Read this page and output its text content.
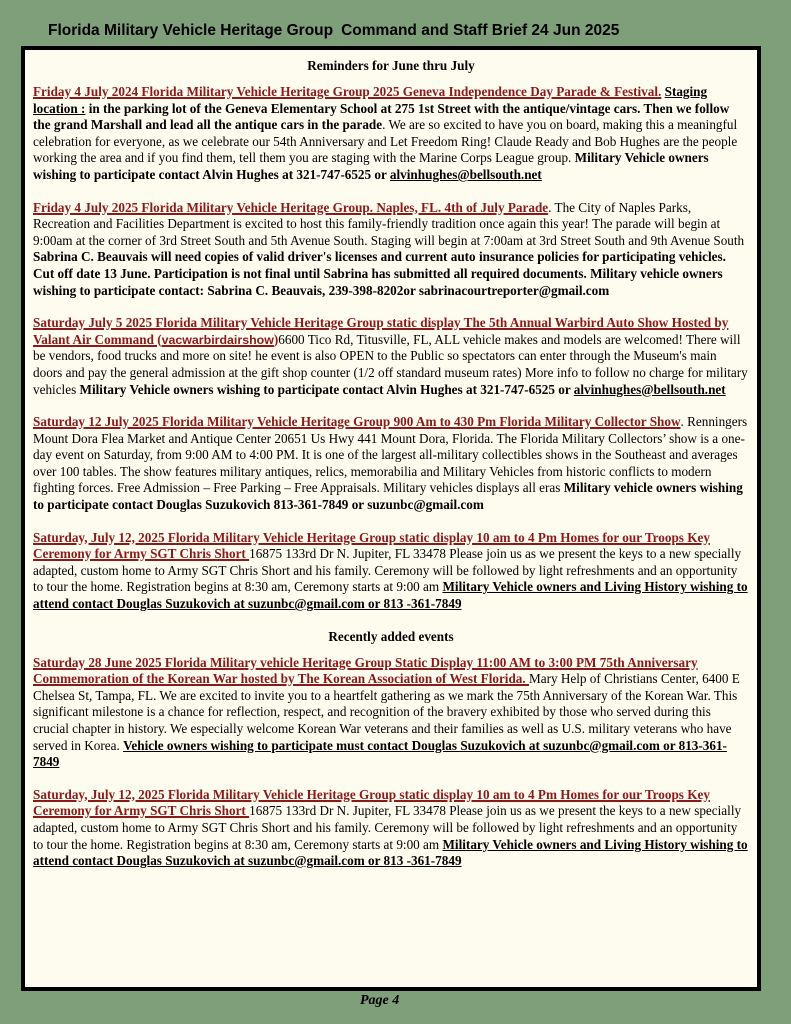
Florida Military Vehicle Heritage Group Command and Staff Brief 24 Jun 2025
Reminders for June thru July

Friday 4 July 2024 Florida Military Vehicle Heritage Group 2025 Geneva Independence Day Parade & Festival. Staging location : in the parking lot of the Geneva Elementary School at 275 1st Street with the antique/vintage cars. Then we follow the grand Marshall and lead all the antique cars in the parade. We are so excited to have you on board, making this a meaningful celebration for everyone, as we celebrate our 54th Anniversary and Let Freedom Ring! Claude Ready and Bob Hughes are the people working the area and if you find them, tell them you are staging with the Marine Corps League group. Military Vehicle owners wishing to participate contact Alvin Hughes at 321-747-6525 or alvinhughes@bellsouth.net

Friday 4 July 2025 Florida Military Vehicle Heritage Group. Naples, FL. 4th of July Parade. The City of Naples Parks, Recreation and Facilities Department is excited to host this family-friendly tradition once again this year! The parade will begin at 9:00am at the corner of 3rd Street South and 5th Avenue South. Staging will begin at 7:00am at 3rd Street South and 9th Avenue South Sabrina C. Beauvais will need copies of valid driver's licenses and current auto insurance policies for participating vehicles. Cut off date 13 June. Participation is not final until Sabrina has submitted all required documents. Military vehicle owners wishing to participate contact: Sabrina C. Beauvais, 239-398-8202or sabrinacourtreporter@gmail.com

Saturday July 5 2025 Florida Military Vehicle Heritage Group static display The 5th Annual Warbird Auto Show Hosted by Valant Air Command (vacwarbirdairshow)6600 Tico Rd, Titusville, FL, ALL vehicle makes and models are welcomed! There will be vendors, food trucks and more on site! he event is also OPEN to the Public so spectators can enter through the Museum's main doors and pay the general admission at the gift shop counter (1/2 off standard museum rates) More info to follow no charge for military vehicles Military Vehicle owners wishing to participate contact Alvin Hughes at 321-747-6525 or alvinhughes@bellsouth.net

Saturday 12 July 2025 Florida Military Vehicle Heritage Group 900 Am to 430 Pm Florida Military Collector Show. Renningers Mount Dora Flea Market and Antique Center 20651 Us Hwy 441 Mount Dora, Florida. The Florida Military Collectors’ show is a one-day event on Saturday, from 9:00 AM to 4:00 PM. It is one of the largest all-military collectibles shows in the Southeast and averages over 100 tables. The show features military antiques, relics, memorabilia and Military Vehicles from historic conflicts to modern fighting forces. Free Admission – Free Parking – Free Appraisals. Military vehicles displays all eras Military vehicle owners wishing to participate contact Douglas Suzukovich 813-361-7849 or suzunbc@gmail.com

Saturday, July 12, 2025 Florida Military Vehicle Heritage Group static display 10 am to 4 Pm Homes for our Troops Key Ceremony for Army SGT Chris Short 16875 133rd Dr N. Jupiter, FL 33478 Please join us as we present the keys to a new specially adapted, custom home to Army SGT Chris Short and his family. Ceremony will be followed by light refreshments and an opportunity to tour the home. Registration begins at 8:30 am, Ceremony starts at 9:00 am Military Vehicle owners and Living History wishing to attend contact Douglas Suzukovich at suzunbc@gmail.com or 813 -361-7849

Recently added events

Saturday 28 June 2025 Florida Military vehicle Heritage Group Static Display 11:00 AM to 3:00 PM 75th Anniversary Commemoration of the Korean War hosted by The Korean Association of West Florida. Mary Help of Christians Center, 6400 E Chelsea St, Tampa, FL. We are excited to invite you to a heartfelt gathering as we mark the 75th Anniversary of the Korean War. This significant milestone is a chance for reflection, respect, and recognition of the bravery exhibited by those who served during this crucial chapter in history. We especially welcome Korean War veterans and their families as well as U.S. military veterans who have served in Korea. Vehicle owners wishing to participate must contact Douglas Suzukovich at suzunbc@gmail.com or 813-361-7849

Saturday, July 12, 2025 Florida Military Vehicle Heritage Group static display 10 am to 4 Pm Homes for our Troops Key Ceremony for Army SGT Chris Short 16875 133rd Dr N. Jupiter, FL 33478 Please join us as we present the keys to a new specially adapted, custom home to Army SGT Chris Short and his family. Ceremony will be followed by light refreshments and an opportunity to tour the home. Registration begins at 8:30 am, Ceremony starts at 9:00 am Military Vehicle owners and Living History wishing to attend contact Douglas Suzukovich at suzunbc@gmail.com or 813 -361-7849

Page 4
